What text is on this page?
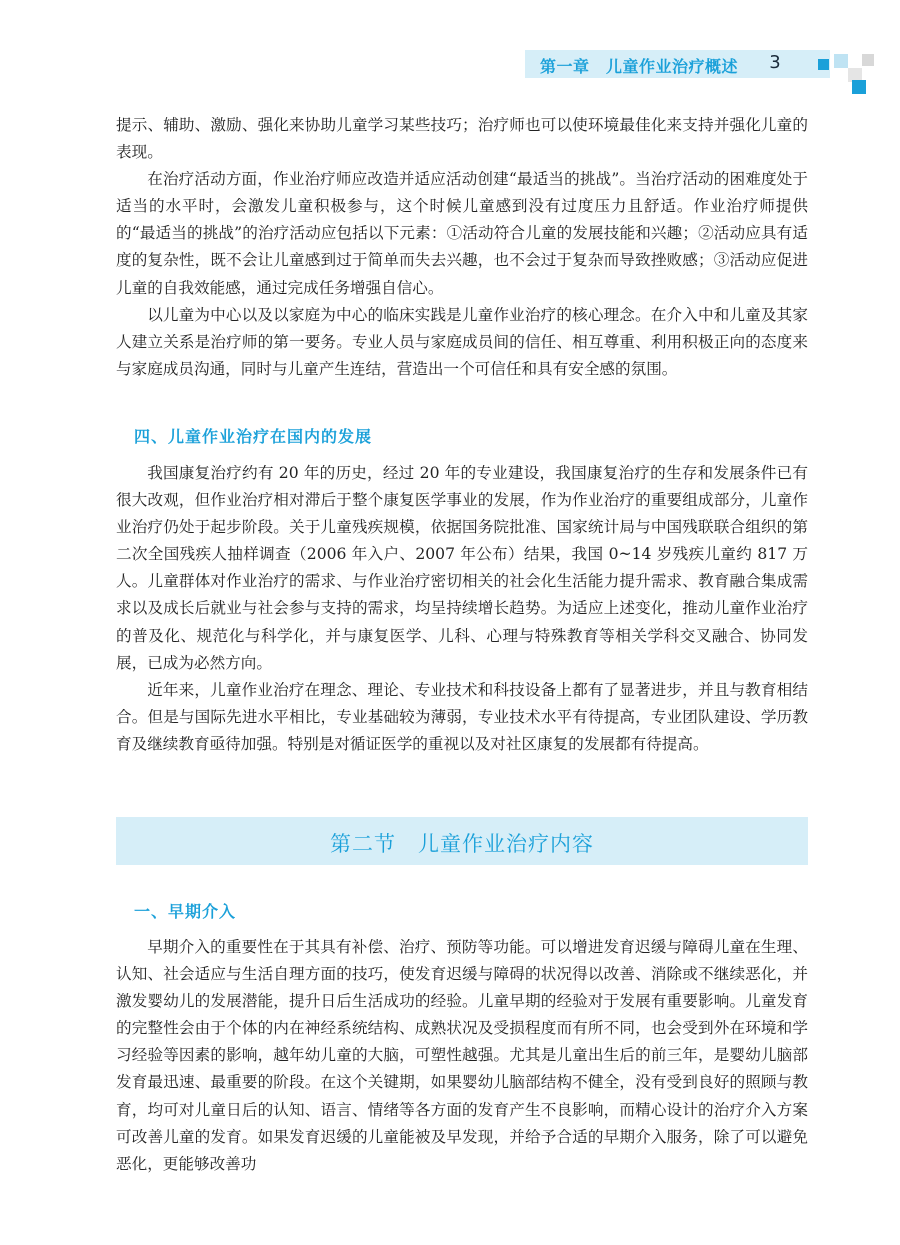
第一章　儿童作业治疗概述	3

提示、辅助、激励、强化来协助儿童学习某些技巧；治疗师也可以使环境最佳化来支持并强化儿童的表现。

在治疗活动方面，作业治疗师应改造并适应活动创建“最适当的挑战”。当治疗活动的困难度处于适当的水平时，会激发儿童积极参与，这个时候儿童感到没有过度压力且舒适。作业治疗师提供的“最适当的挑战”的治疗活动应包括以下元素：①活动符合儿童的发展技能和兴趣；②活动应具有适度的复杂性，既不会让儿童感到过于简单而失去兴趣，也不会过于复杂而导致挫败感；③活动应促进儿童的自我效能感，通过完成任务增强自信心。

以儿童为中心以及以家庭为中心的临床实践是儿童作业治疗的核心理念。在介入中和儿童及其家人建立关系是治疗师的第一要务。专业人员与家庭成员间的信任、相互尊重、利用积极正向的态度来与家庭成员沟通，同时与儿童产生连结，营造出一个可信任和具有安全感的氛围。

四、儿童作业治疗在国内的发展

我国康复治疗约有 20 年的历史，经过 20 年的专业建设，我国康复治疗的生存和发展条件已有很大改观，但作业治疗相对滞后于整个康复医学事业的发展，作为作业治疗的重要组成部分，儿童作业治疗仍处于起步阶段。关于儿童残疾规模，依据国务院批准、国家统计局与中国残联联合组织的第二次全国残疾人抽样调查（2006 年入户、2007 年公布）结果，我国 0~14 岁残疾儿童约 817 万人。儿童群体对作业治疗的需求、与作业治疗密切相关的社会化生活能力提升需求、教育融合集成需求以及成长后就业与社会参与支持的需求，均呈持续增长趋势。为适应上述变化，推动儿童作业治疗的普及化、规范化与科学化，并与康复医学、儿科、心理与特殊教育等相关学科交叉融合、协同发展，已成为必然方向。

近年来，儿童作业治疗在理念、理论、专业技术和科技设备上都有了显著进步，并且与教育相结合。但是与国际先进水平相比，专业基础较为薄弱，专业技术水平有待提高，专业团队建设、学历教育及继续教育亟待加强。特别是对循证医学的重视以及对社区康复的发展都有待提高。

第二节　儿童作业治疗内容
一、早期介入

早期介入的重要性在于其具有补偿、治疗、预防等功能。可以增进发育迟缓与障碍儿童在生理、认知、社会适应与生活自理方面的技巧，使发育迟缓与障碍的状况得以改善、消除或不继续恶化，并激发婴幼儿的发展潜能，提升日后生活成功的经验。儿童早期的经验对于发展有重要影响。儿童发育的完整性会由于个体的内在神经系统结构、成熟状况及受损程度而有所不同，也会受到外在环境和学习经验等因素的影响，越年幼儿童的大脑，可塑性越强。尤其是儿童出生后的前三年，是婴幼儿脑部发育最迅速、最重要的阶段。在这个关键期，如果婴幼儿脑部结构不健全，没有受到良好的照顾与教育，均可对儿童日后的认知、语言、情绪等各方面的发育产生不良影响，而精心设计的治疗介入方案可改善儿童的发育。如果发育迟缓的儿童能被及早发现，并给予合适的早期介入服务，除了可以避免恶化，更能够改善功
